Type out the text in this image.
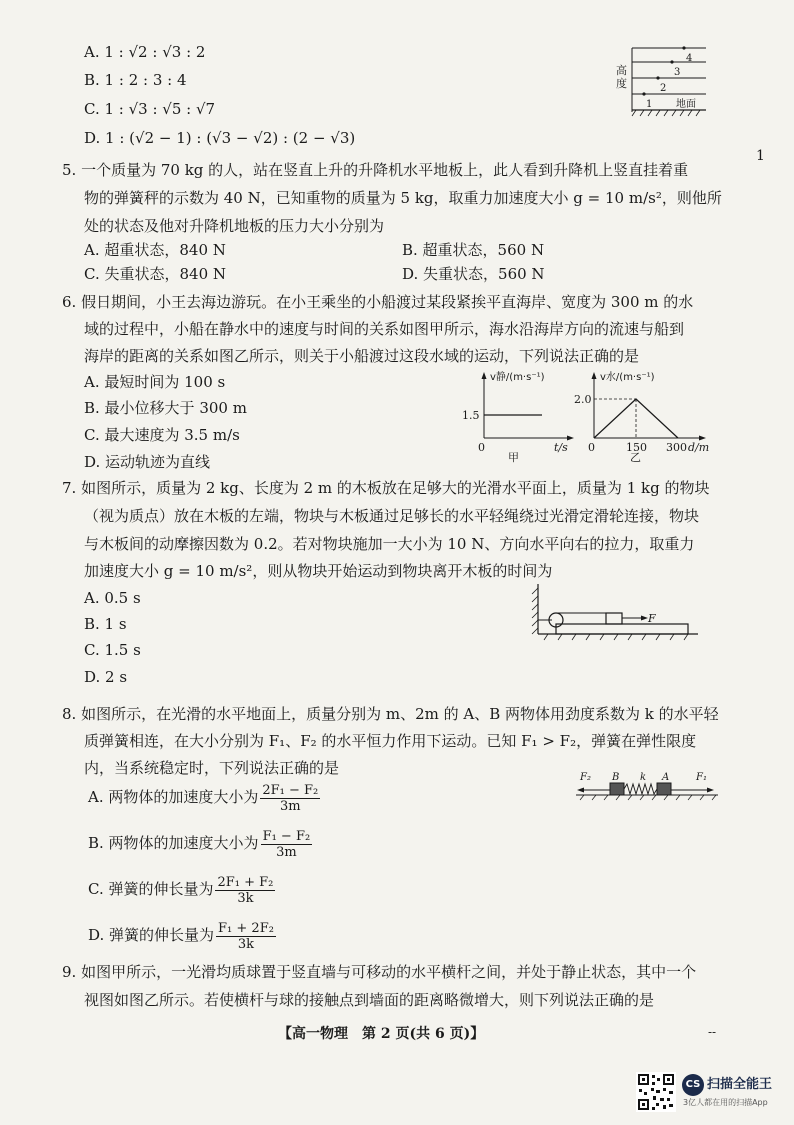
A. 1 : √2 : √3 : 2
B. 1 : 2 : 3 : 4
C. 1 : √3 : √5 : √7
D. 1 : (√2 − 1) : (√3 − √2) : (2 − √3)
高
度
1
2
3
4
地面
1
5. 一个质量为 70 kg 的人，站在竖直上升的升降机水平地板上，此人看到升降机上竖直挂着重
物的弹簧秤的示数为 40 N，已知重物的质量为 5 kg，取重力加速度大小 g = 10 m/s²，则他所
处的状态及他对升降机地板的压力大小分别为
A. 超重状态，840 N	B. 超重状态，560 N
C. 失重状态，840 N	D. 失重状态，560 N
6. 假日期间，小王去海边游玩。在小王乘坐的小船渡过某段紧挨平直海岸、宽度为 300 m 的水
域的过程中，小船在静水中的速度与时间的关系如图甲所示，海水沿海岸方向的流速与船到
海岸的距离的关系如图乙所示，则关于小船渡过这段水域的运动，下列说法正确的是
A. 最短时间为 100 s
B. 最小位移大于 300 m
C. 最大速度为 3.5 m/s
D. 运动轨迹为直线
v静/(m·s⁻¹)
1.5
0	t/s
甲
v水/(m·s⁻¹)
2.0
0	150 300 d/m
乙
7. 如图所示，质量为 2 kg、长度为 2 m 的木板放在足够大的光滑水平面上，质量为 1 kg 的物块
（视为质点）放在木板的左端，物块与木板通过足够长的水平轻绳绕过光滑定滑轮连接，物块
与木板间的动摩擦因数为 0.2。若对物块施加一大小为 10 N、方向水平向右的拉力，取重力
加速度大小 g = 10 m/s²，则从物块开始运动到物块离开木板的时间为
A. 0.5 s
B. 1 s
C. 1.5 s
D. 2 s
F
8. 如图所示，在光滑的水平地面上，质量分别为 m、2m 的 A、B 两物体用劲度系数为 k 的水平轻
质弹簧相连，在大小分别为 F₁、F₂ 的水平恒力作用下运动。已知 F₁ > F₂，弹簧在弹性限度
内，当系统稳定时，下列说法正确的是
A. 两物体的加速度大小为 $\frac{\text{2F₁ − F₂}}{3m}$
B. 两物体的加速度大小为 $\frac{\text{F₁ − F₂}}{3m}$
C. 弹簧的伸长量为 $\frac{\text{2F₁ + F₂}}{3k}$
D. 弹簧的伸长量为 $\frac{\text{F₁ + 2F₂}}{3k}$
F₂ B k A	F₁
9. 如图甲所示，一光滑均质球置于竖直墙与可移动的水平横杆之间，并处于静止状态，其中一个
视图如图乙所示。若使横杆与球的接触点到墙面的距离略微增大，则下列说法正确的是
【高一物理　第 2 页(共 6 页)】	--
CS 扫描全能王
3亿人都在用的扫描App
